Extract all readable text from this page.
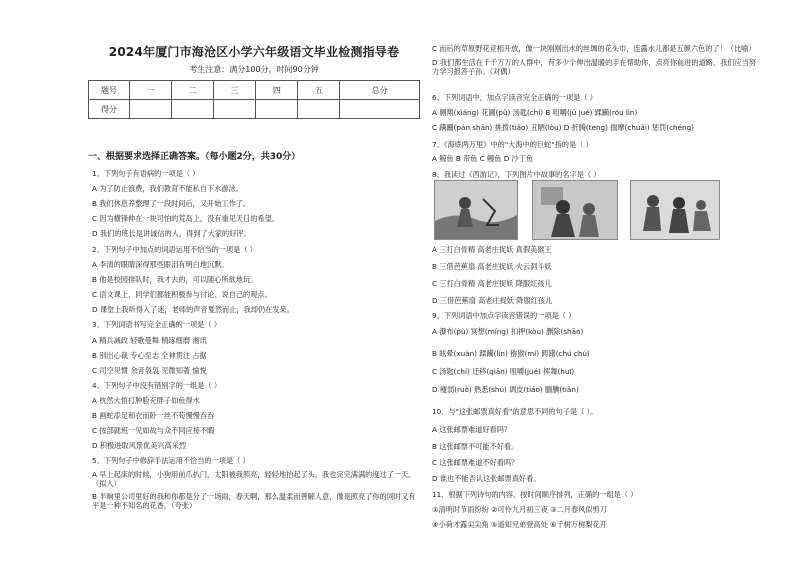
2024年厦门市海沧区小学六年级语文毕业检测指导卷
考生注意：满分100分，时间90分钟
题号	一	二	三	四	五	总分
得分						
一、根据要求选择正确答案。（每小题2分，共30分）
1、下列句子有语病的一项是（ ）
A 为了防止浪费，我们教育不能私自下水游泳。
B 我们休息养整理了一段时间后，又开始工作了。
C 因为横锋伸在一块可怕的荒岛上，没有重见天日的希望。
D 我们的班长是讲诚信的人，得到了大家的好评。
2、下列句子中加点的词语运用不恰当的一项是（ ）
A 李清的眼睛深得那些眼泪有明白地沉默。
B 他是校园排队时，我才去的，可以随心所欲地玩。
C 语文课上，同学们都能积极参与讨论、说自己的观点。
D 课堂上我听得入了迷，老师的声音戛然而止，我却仍在发呆。
3、下列词语书写完全正确的一项是（ ）
A 精兵减政 轻歌曼舞 精琢细磨 湘讯
B 别出心裁 专心至志 全神贯注 占据
C 司空见惯 余音袅袅 见微知著 愉悦
4、下列句子中没有错别字的一组是（ ）
A 枕然大悟打肿脸充胖子如鱼得水
B 画蛇添足和衣而卧一丝不苟慢慢吞吞
C 按部就班一见如故与众不同应接不暇
D 积极进取风景优美兴高采烈
5、下列句子中修辞手法运用不恰当的一项是（ ）
A 早上起床的时候，小狗用前爪扒门，太阳被我照亮，轻轻地抬起了头，我也完完满满的度过了一天。（拟人）
B 半晌里公司里好的我和你都是分了一场雨，春天啊，那么温柔而善解人意，像是照亮了你的同时又有平是一种不知名的花香。（夸张）
C 而后的草原野花竞相开放，像一块刚刚出水的丝绸的花头巾，连露水儿都是五颜六色的了！（比喻）
D 我们都生活在千千万万的人群中，有多少个伸出温暖的手在帮助你，点亮你前进的道路，我们应当努力学习报答子孙。（对偶）
6、下列词语中，加点字读音完全正确的一项是（ ）
A 翱翔(xiáng) 花圃(pǔ) 汤匙(chí) B 咀嚼(jǔ jué) 蹂躏(róu lìn)
C 蹒跚(pán shān) 挑拨(tiǎo) 丑陋(lòu) D 折腾(teng) 揣摩(chuǎi) 惩罚(chéng)
7、《海底两万里》中的"大海中的巨蛇"指的是（ ）
A 鲸鱼 B 带鱼 C 鳗鱼 D 沙丁鱼
8、我读过《西游记》，下列图片中故事的名字是（ ）
A 三打白骨精 高老庄捉妖 真假美猴王
B 三借芭蕉扇 高老庄捉妖 火云洞斗妖
C 三打白骨精 高老庄捉妖 降服红孩儿
D 三借芭蕉扇 高老庄捉妖 降服红孩儿
9、下列词语中加点字读音错误的一项是（ ）
A 瀑布(pù) 冥想(míng) 扣押(kòu) 删除(shān)
B 眩晕(xuàn) 蹂躏(lìn) 猕猴(mí) 踌躇(chú chú)
C 汤匙(chí) 迁移(qiān) 咀嚼(jué) 挥舞(huī)
D 瘦弱(ruò) 熟悉(shú) 调皮(tiáo) 腼腆(tiǎn)
10、与"这张邮票真好看"的意思不同的句子是（ ）。
A 这张邮票难道好看吗？
B 这张邮票不可能不好看。
C 这张邮票难道不好看吗？
D 谁也不能否认这张邮票真好看。
11、根据下列诗句的内容，按时间顺序排列，正确的一组是（ ）
①清明时节雨纷纷 ②可怜九月初三夜 ③二月春风似剪刀
④小荷才露尖尖角 ⑤遥知兄弟登高处 ⑥千树万树梨花开
